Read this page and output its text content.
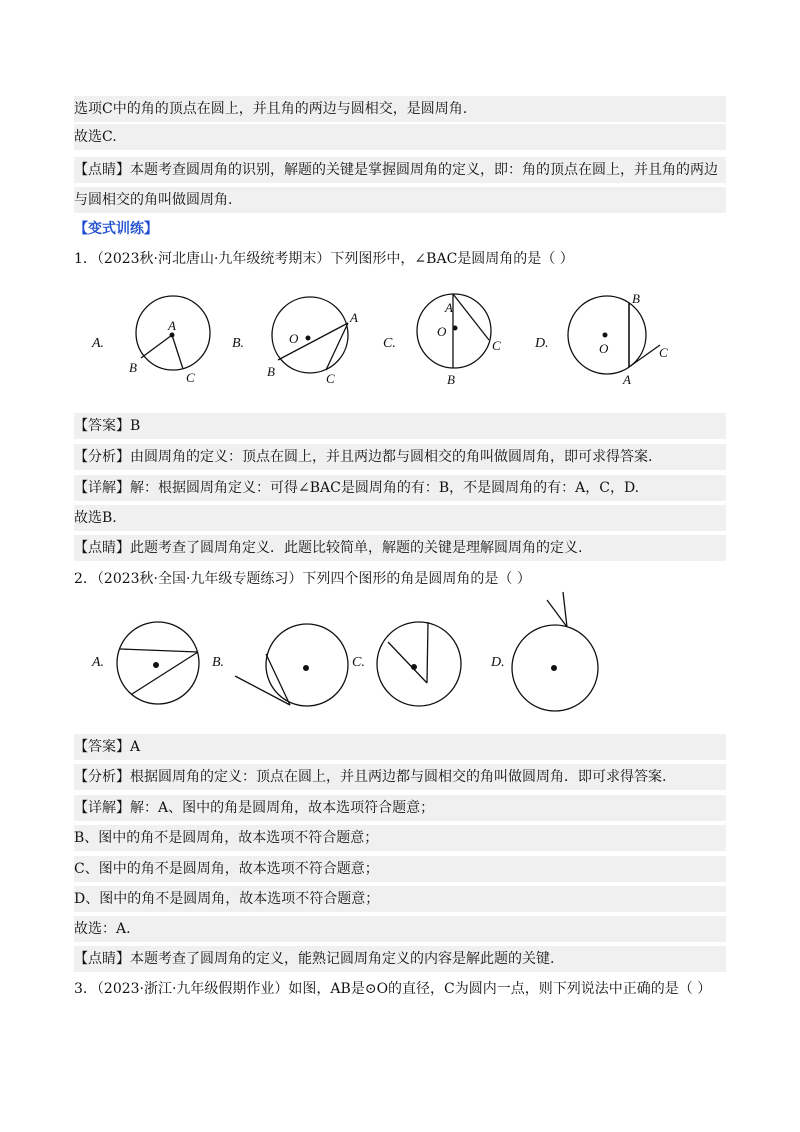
选项C中的角的顶点在圆上，并且角的两边与圆相交，是圆周角.
故选C.
【点睛】本题考查圆周角的识别，解题的关键是掌握圆周角的定义，即：角的顶点在圆上，并且角的两边
与圆相交的角叫做圆周角.
【变式训练】
1．（2023秋·河北唐山·九年级统考期末）下列图形中，∠BAC是圆周角的是（ ）
A.
A
B
C
B.	O
A
B	C
C.
A
O
B
C D.
B
O
A
C
【答案】B
【分析】由圆周角的定义：顶点在圆上，并且两边都与圆相交的角叫做圆周角，即可求得答案.
【详解】解：根据圆周角定义：可得∠BAC是圆周角的有：B，不是圆周角的有：A，C，D.
故选B.
【点睛】此题考查了圆周角定义．此题比较简单，解题的关键是理解圆周角的定义.
2．（2023秋·全国·九年级专题练习）下列四个图形的角是圆周角的是（ ）
A.	B.	C.	D.
【答案】A
【分析】根据圆周角的定义：顶点在圆上，并且两边都与圆相交的角叫做圆周角．即可求得答案.
【详解】解：A、图中的角是圆周角，故本选项符合题意；
B、图中的角不是圆周角，故本选项不符合题意；
C、图中的角不是圆周角，故本选项不符合题意；
D、图中的角不是圆周角，故本选项不符合题意；
故选：A.
【点睛】本题考查了圆周角的定义，能熟记圆周角定义的内容是解此题的关键.
3．（2023·浙江·九年级假期作业）如图，AB是⊙O的直径，C为圆内一点，则下列说法中正确的是（ ）
